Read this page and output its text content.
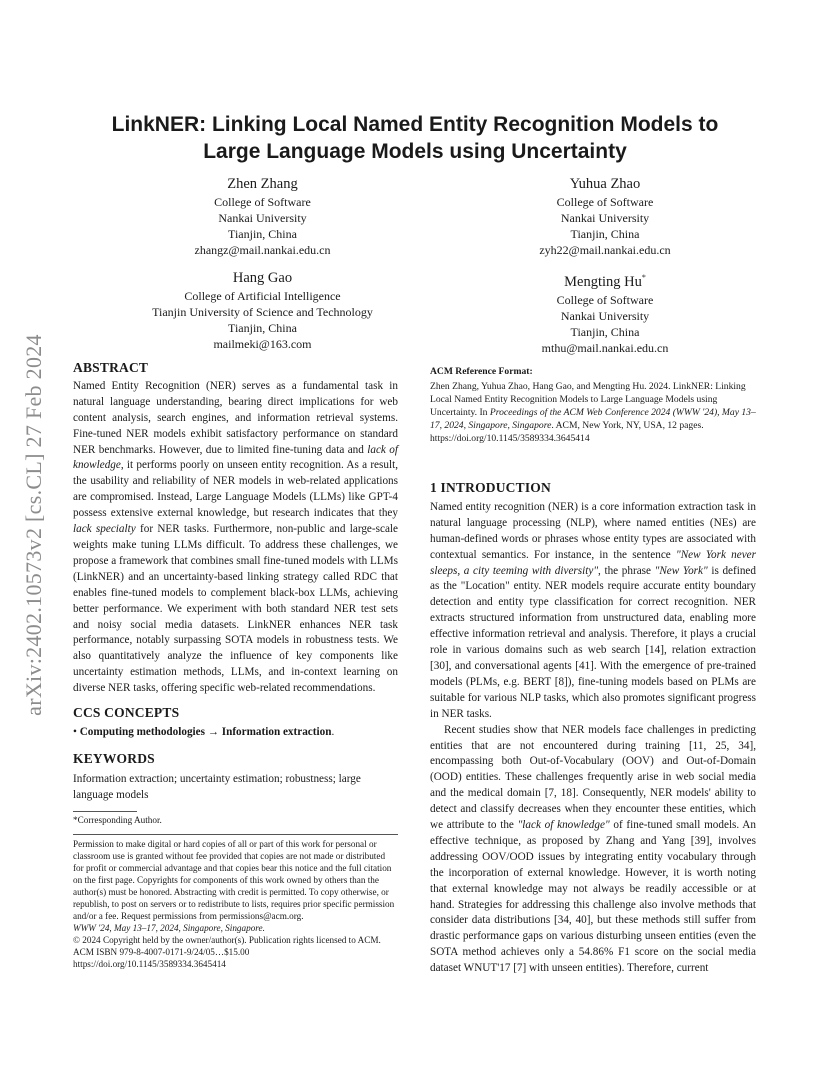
arXiv:2402.10573v2 [cs.CL] 27 Feb 2024
LinkNER: Linking Local Named Entity Recognition Models to
Large Language Models using Uncertainty
Zhen Zhang
College of Software
Nankai University
Tianjin, China
zhangz@mail.nankai.edu.cn
Yuhua Zhao
College of Software
Nankai University
Tianjin, China
zyh22@mail.nankai.edu.cn
Hang Gao
College of Artificial Intelligence
Tianjin University of Science and Technology
Tianjin, China
mailmeki@163.com
Mengting Hu*
College of Software
Nankai University
Tianjin, China
mthu@mail.nankai.edu.cn
ABSTRACT

Named Entity Recognition (NER) serves as a fundamental task in natural language understanding, bearing direct implications for web content analysis, search engines, and information retrieval systems. Fine-tuned NER models exhibit satisfactory performance on standard NER benchmarks. However, due to limited fine-tuning data and lack of knowledge, it performs poorly on unseen entity recognition. As a result, the usability and reliability of NER models in web-related applications are compromised. Instead, Large Language Models (LLMs) like GPT-4 possess extensive external knowledge, but research indicates that they lack specialty for NER tasks. Furthermore, non-public and large-scale weights make tuning LLMs difficult. To address these challenges, we propose a framework that combines small fine-tuned models with LLMs (LinkNER) and an uncertainty-based linking strategy called RDC that enables fine-tuned models to complement black-box LLMs, achieving better performance. We experiment with both standard NER test sets and noisy social media datasets. LinkNER enhances NER task performance, notably surpassing SOTA models in robustness tests. We also quantitatively analyze the influence of key components like uncertainty estimation methods, LLMs, and in-context learning on diverse NER tasks, offering specific web-related recommendations.

CCS CONCEPTS

• Computing methodologies → Information extraction.

KEYWORDS

Information extraction; uncertainty estimation; robustness; large language models

*Corresponding Author.

Permission to make digital or hard copies of all or part of this work for personal or classroom use is granted without fee provided that copies are not made or distributed for profit or commercial advantage and that copies bear this notice and the full citation on the first page. Copyrights for components of this work owned by others than the author(s) must be honored. Abstracting with credit is permitted. To copy otherwise, or republish, to post on servers or to redistribute to lists, requires prior specific permission and/or a fee. Request permissions from permissions@acm.org.

WWW '24, May 13–17, 2024, Singapore, Singapore.

© 2024 Copyright held by the owner/author(s). Publication rights licensed to ACM.

ACM ISBN 979-8-4007-0171-9/24/05…$15.00

https://doi.org/10.1145/3589334.3645414

ACM Reference Format:

Zhen Zhang, Yuhua Zhao, Hang Gao, and Mengting Hu. 2024. LinkNER: Linking Local Named Entity Recognition Models to Large Language Models using Uncertainty. In Proceedings of the ACM Web Conference 2024 (WWW '24), May 13–17, 2024, Singapore, Singapore. ACM, New York, NY, USA, 12 pages. https://doi.org/10.1145/3589334.3645414

1 INTRODUCTION

Named entity recognition (NER) is a core information extraction task in natural language processing (NLP), where named entities (NEs) are human-defined words or phrases whose entity types are associated with contextual semantics. For instance, in the sentence "New York never sleeps, a city teeming with diversity", the phrase "New York" is defined as the "Location" entity. NER models require accurate entity boundary detection and entity type classification for correct recognition. NER extracts structured information from unstructured data, enabling more effective information retrieval and analysis. Therefore, it plays a crucial role in various domains such as web search [14], relation extraction [30], and conversational agents [41]. With the emergence of pre-trained models (PLMs, e.g. BERT [8]), fine-tuning models based on PLMs are suitable for various NLP tasks, which also promotes significant progress in NER tasks.

Recent studies show that NER models face challenges in predicting entities that are not encountered during training [11, 25, 34], encompassing both Out-of-Vocabulary (OOV) and Out-of-Domain (OOD) entities. These challenges frequently arise in web social media and the medical domain [7, 18]. Consequently, NER models' ability to detect and classify decreases when they encounter these entities, which we attribute to the "lack of knowledge" of fine-tuned small models. An effective technique, as proposed by Zhang and Yang [39], involves addressing OOV/OOD issues by integrating entity vocabulary through the incorporation of external knowledge. However, it is worth noting that external knowledge may not always be readily accessible or at hand. Strategies for addressing this challenge also involve methods that consider data distributions [34, 40], but these methods still suffer from drastic performance gaps on various disturbing unseen entities (even the SOTA method achieves only a 54.86% F1 score on the social media dataset WNUT'17 [7] with unseen entities). Therefore, current
